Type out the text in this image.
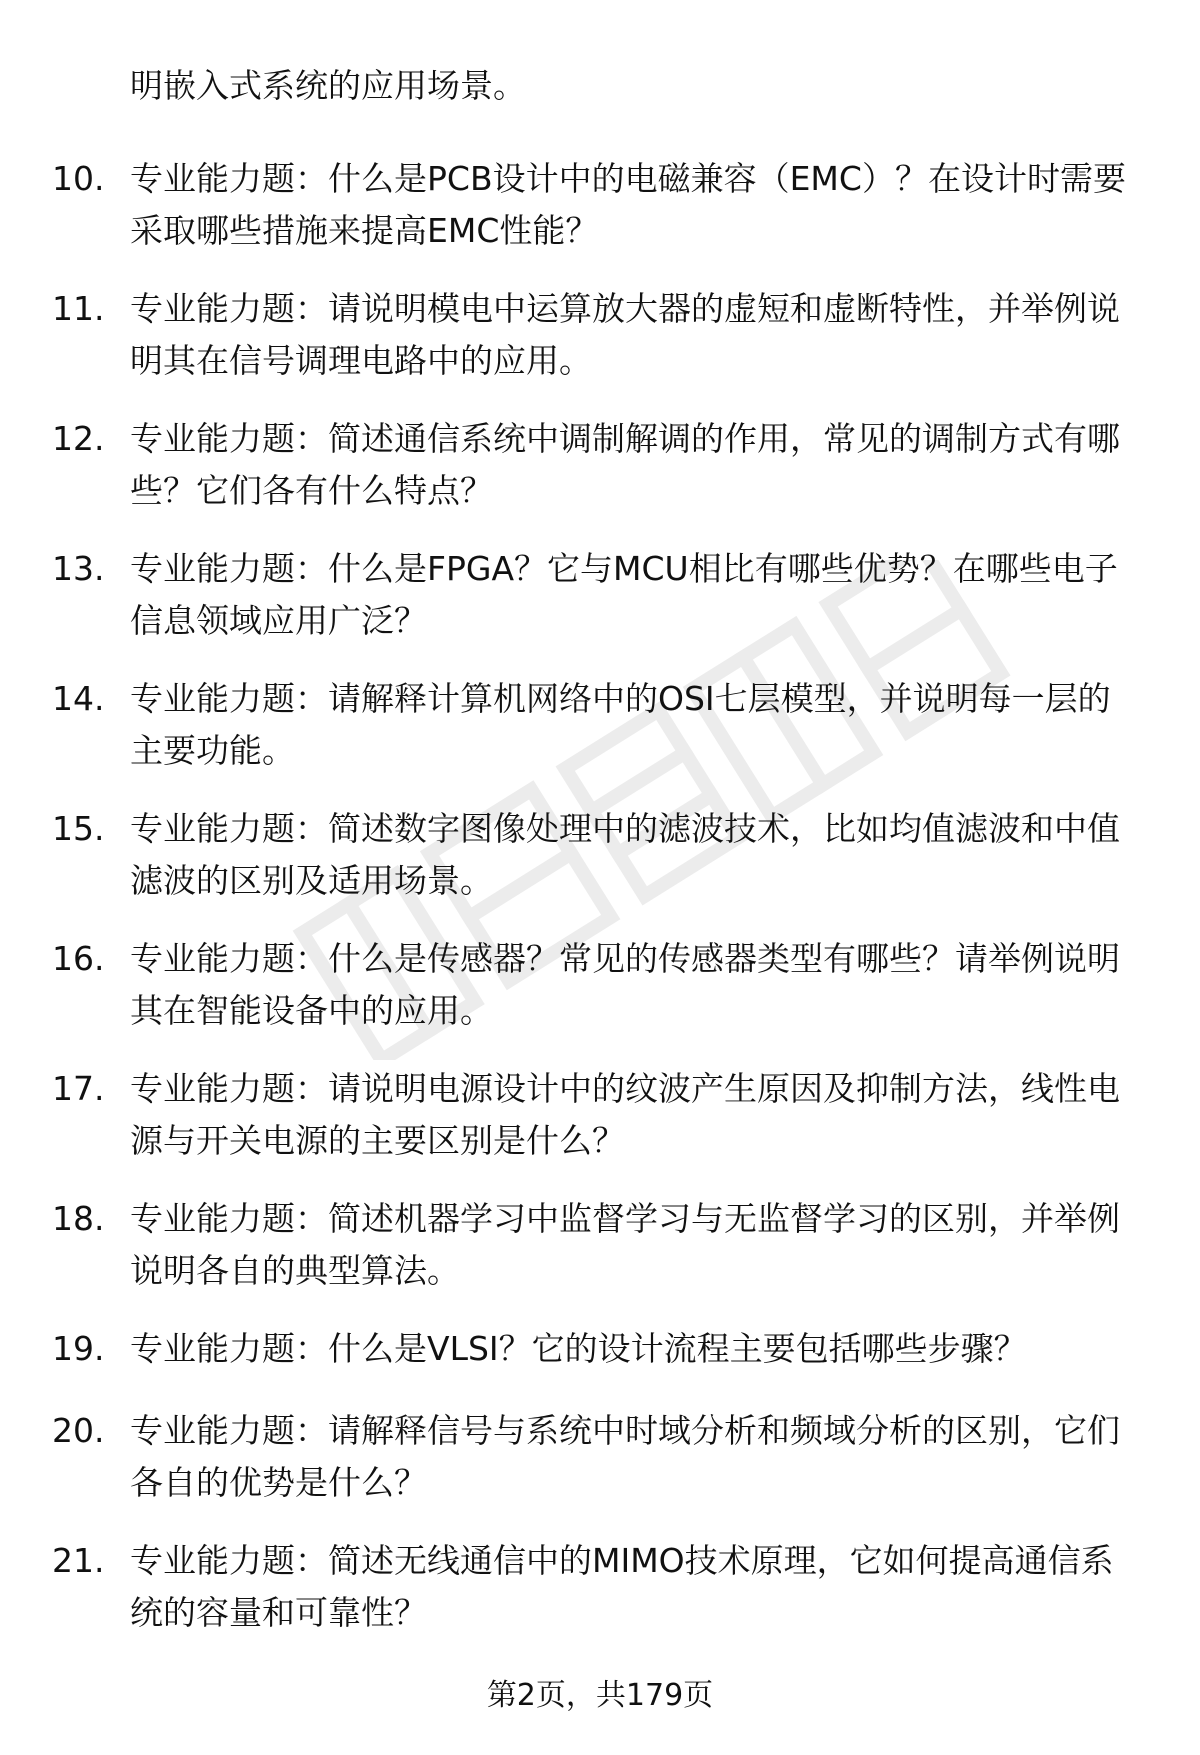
明嵌入式系统的应用场景。

10. 专业能力题：什么是PCB设计中的电磁兼容（EMC）？在设计时需要采取哪些措施来提高EMC性能？

11. 专业能力题：请说明模电中运算放大器的虚短和虚断特性，并举例说明其在信号调理电路中的应用。

12. 专业能力题：简述通信系统中调制解调的作用，常见的调制方式有哪些？它们各有什么特点？

13. 专业能力题：什么是FPGA？它与MCU相比有哪些优势？在哪些电子信息领域应用广泛？

14. 专业能力题：请解释计算机网络中的OSI七层模型，并说明每一层的主要功能。

15. 专业能力题：简述数字图像处理中的滤波技术，比如均值滤波和中值滤波的区别及适用场景。

16. 专业能力题：什么是传感器？常见的传感器类型有哪些？请举例说明其在智能设备中的应用。

17. 专业能力题：请说明电源设计中的纹波产生原因及抑制方法，线性电源与开关电源的主要区别是什么？

18. 专业能力题：简述机器学习中监督学习与无监督学习的区别，并举例说明各自的典型算法。

19. 专业能力题：什么是VLSI？它的设计流程主要包括哪些步骤？

20. 专业能力题：请解释信号与系统中时域分析和频域分析的区别，它们各自的优势是什么？

21. 专业能力题：简述无线通信中的MIMO技术原理，它如何提高通信系统的容量和可靠性？

第2页，共179页
